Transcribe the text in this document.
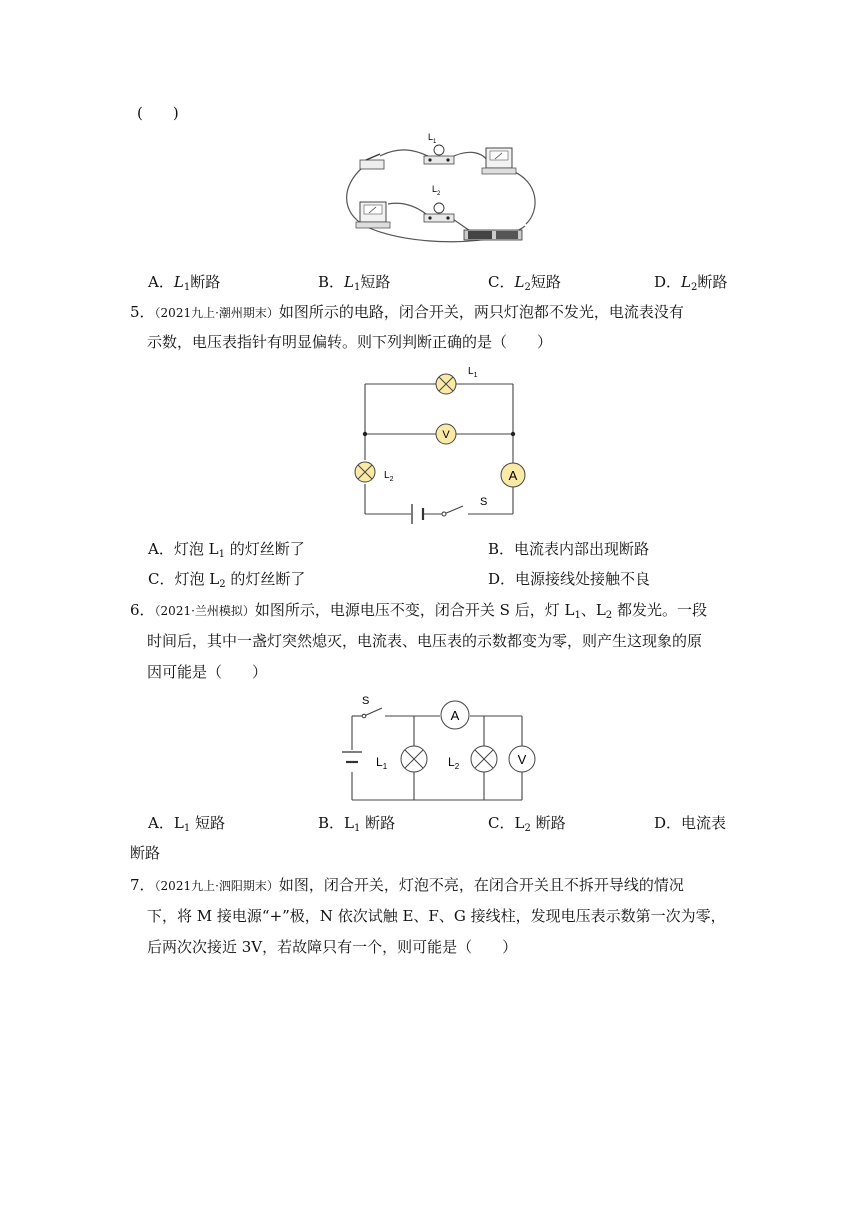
(　　)
$L_1$
$L_2$
A．$L_1$断路	B．$L_1$短路	C．$L_2$短路	D．$L_2$断路
5．（2021九上·潮州期末）如图所示的电路，闭合开关，两只灯泡都不发光，电流表没有
示数，电压表指针有明显偏转。则下列判断正确的是（　　）
$L_1$
V
$L_2$	A
S
A．灯泡 $L_1$ 的灯丝断了	B．电流表内部出现断路
C．灯泡 $L_2$ 的灯丝断了	D．电源接线处接触不良
6．（2021·兰州模拟）如图所示，电源电压不变，闭合开关 S 后，灯 $L_1$、$L_2$ 都发光。一段
时间后，其中一盏灯突然熄灭，电流表、电压表的示数都变为零，则产生这现象的原
因可能是（　　）
S
A
$L_1$	$L_2$	V
A．$L_1$ 短路	B．$L_1$ 断路	C．$L_2$ 断路	D．电流表
断路
7．（2021九上·泗阳期末）如图，闭合开关，灯泡不亮，在闭合开关且不拆开导线的情况
下，将 M 接电源“+”极，N 依次试触 E、F、G 接线柱，发现电压表示数第一次为零，
后两次次接近 3V，若故障只有一个，则可能是（　　）
